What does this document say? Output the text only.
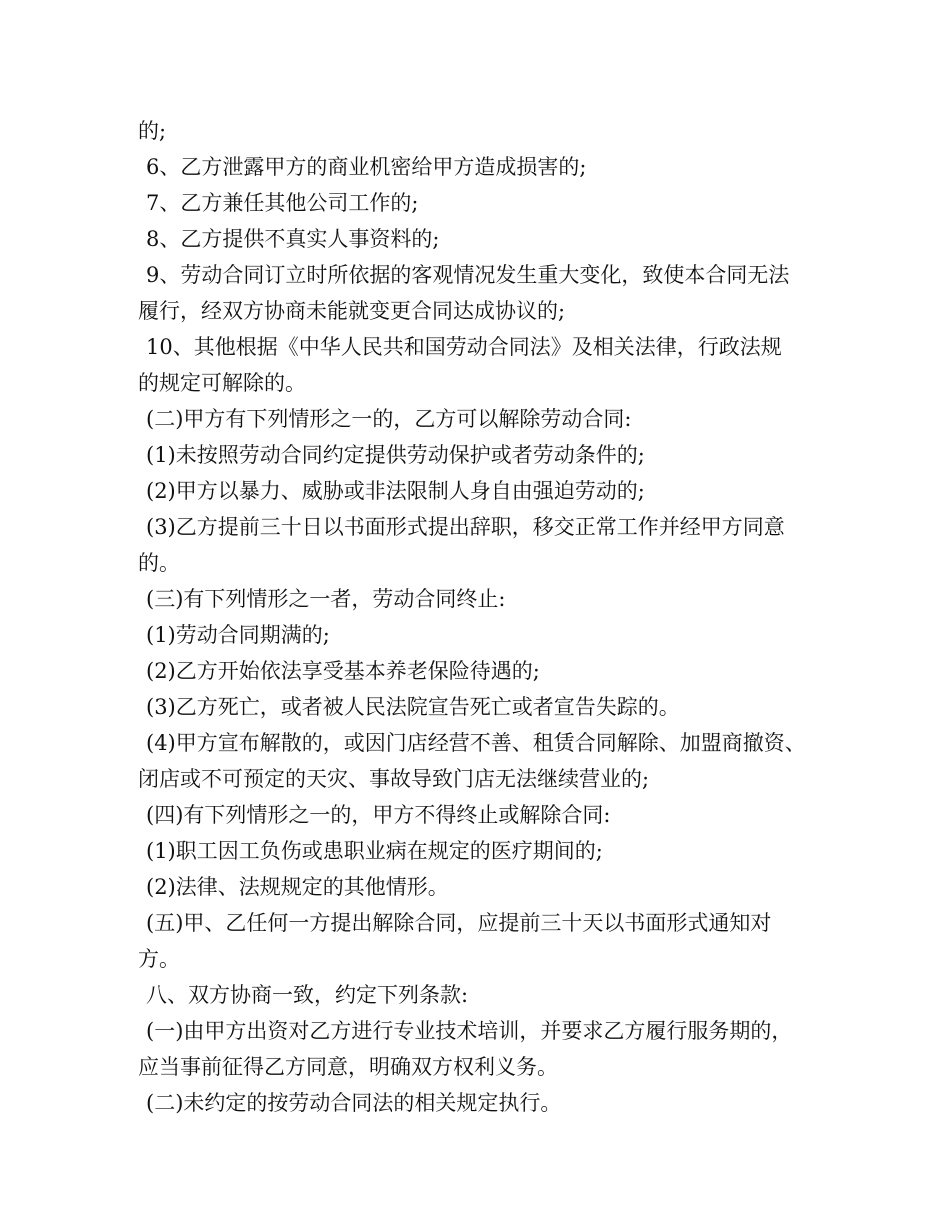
的;
6、乙方泄露甲方的商业机密给甲方造成损害的;
7、乙方兼任其他公司工作的;
8、乙方提供不真实人事资料的;
9、劳动合同订立时所依据的客观情况发生重大变化，致使本合同无法
履行，经双方协商未能就变更合同达成协议的;
10、其他根据《中华人民共和国劳动合同法》及相关法律，行政法规
的规定可解除的。
(二)甲方有下列情形之一的，乙方可以解除劳动合同:
(1)未按照劳动合同约定提供劳动保护或者劳动条件的;
(2)甲方以暴力、威胁或非法限制人身自由强迫劳动的;
(3)乙方提前三十日以书面形式提出辞职，移交正常工作并经甲方同意
的。
(三)有下列情形之一者，劳动合同终止:
(1)劳动合同期满的;
(2)乙方开始依法享受基本养老保险待遇的;
(3)乙方死亡，或者被人民法院宣告死亡或者宣告失踪的。
(4)甲方宣布解散的，或因门店经营不善、租赁合同解除、加盟商撤资、
闭店或不可预定的天灾、事故导致门店无法继续营业的;
(四)有下列情形之一的，甲方不得终止或解除合同:
(1)职工因工负伤或患职业病在规定的医疗期间的;
(2)法律、法规规定的其他情形。
(五)甲、乙任何一方提出解除合同，应提前三十天以书面形式通知对
方。
八、双方协商一致，约定下列条款:
(一)由甲方出资对乙方进行专业技术培训，并要求乙方履行服务期的，
应当事前征得乙方同意，明确双方权利义务。
(二)未约定的按劳动合同法的相关规定执行。
